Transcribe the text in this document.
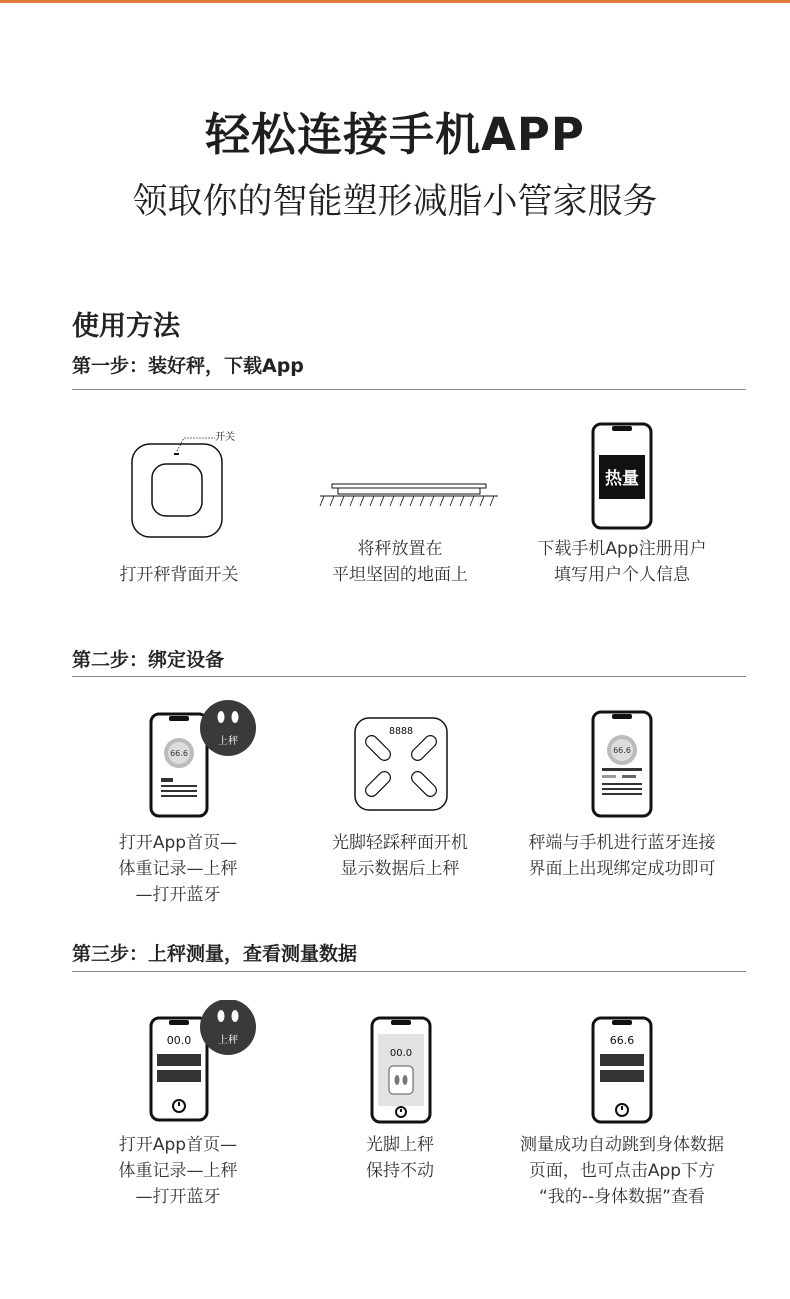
轻松连接手机APP
领取你的智能塑形减脂小管家服务
使用方法
第一步：装好秤，下载App
开关
热量
打开秤背面开关
将秤放置在
平坦坚固的地面上
下载手机App注册用户
填写用户个人信息
第二步：绑定设备
66.6
上秤
8888
66.6
打开App首页—
体重记录—上秤
—打开蓝牙
光脚轻踩秤面开机
显示数据后上秤
秤端与手机进行蓝牙连接
界面上出现绑定成功即可
第三步：上秤测量，查看测量数据
00.0	上秤
00.0
66.6
打开App首页—
体重记录—上秤
—打开蓝牙
光脚上秤
保持不动
测量成功自动跳到身体数据
页面，也可点击App下方
“我的--身体数据”查看
